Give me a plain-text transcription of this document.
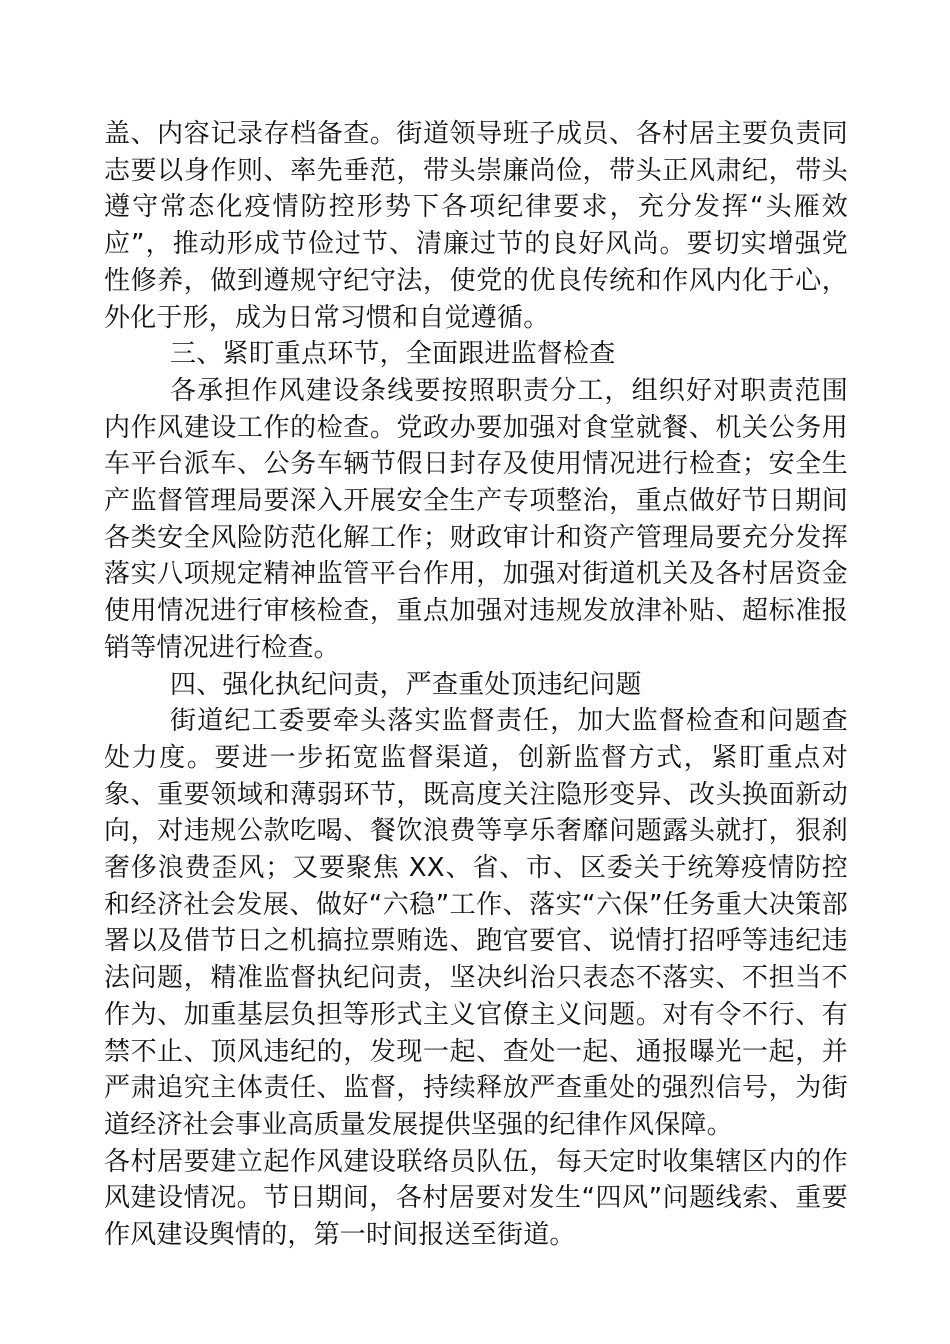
盖、内容记录存档备查。街道领导班子成员、各村居主要负责同志要以身作则、率先垂范，带头崇廉尚俭，带头正风肃纪，带头遵守常态化疫情防控形势下各项纪律要求，充分发挥“头雁效应”，推动形成节俭过节、清廉过节的良好风尚。要切实增强党性修养，做到遵规守纪守法，使党的优良传统和作风内化于心，外化于形，成为日常习惯和自觉遵循。

三、紧盯重点环节，全面跟进监督检查

各承担作风建设条线要按照职责分工，组织好对职责范围内作风建设工作的检查。党政办要加强对食堂就餐、机关公务用车平台派车、公务车辆节假日封存及使用情况进行检查；安全生产监督管理局要深入开展安全生产专项整治，重点做好节日期间各类安全风险防范化解工作；财政审计和资产管理局要充分发挥落实八项规定精神监管平台作用，加强对街道机关及各村居资金使用情况进行审核检查，重点加强对违规发放津补贴、超标准报销等情况进行检查。

四、强化执纪问责，严查重处顶违纪问题

街道纪工委要牵头落实监督责任，加大监督检查和问题查处力度。要进一步拓宽监督渠道，创新监督方式，紧盯重点对象、重要领域和薄弱环节，既高度关注隐形变异、改头换面新动向，对违规公款吃喝、餐饮浪费等享乐奢靡问题露头就打，狠刹奢侈浪费歪风；又要聚焦 XX、省、市、区委关于统筹疫情防控和经济社会发展、做好“六稳”工作、落实“六保”任务重大决策部署以及借节日之机搞拉票贿选、跑官要官、说情打招呼等违纪违法问题，精准监督执纪问责，坚决纠治只表态不落实、不担当不作为、加重基层负担等形式主义官僚主义问题。对有令不行、有禁不止、顶风违纪的，发现一起、查处一起、通报曝光一起，并严肃追究主体责任、监督，持续释放严查重处的强烈信号，为街道经济社会事业高质量发展提供坚强的纪律作风保障。

各村居要建立起作风建设联络员队伍，每天定时收集辖区内的作风建设情况。节日期间，各村居要对发生“四风”问题线索、重要作风建设舆情的，第一时间报送至街道。
